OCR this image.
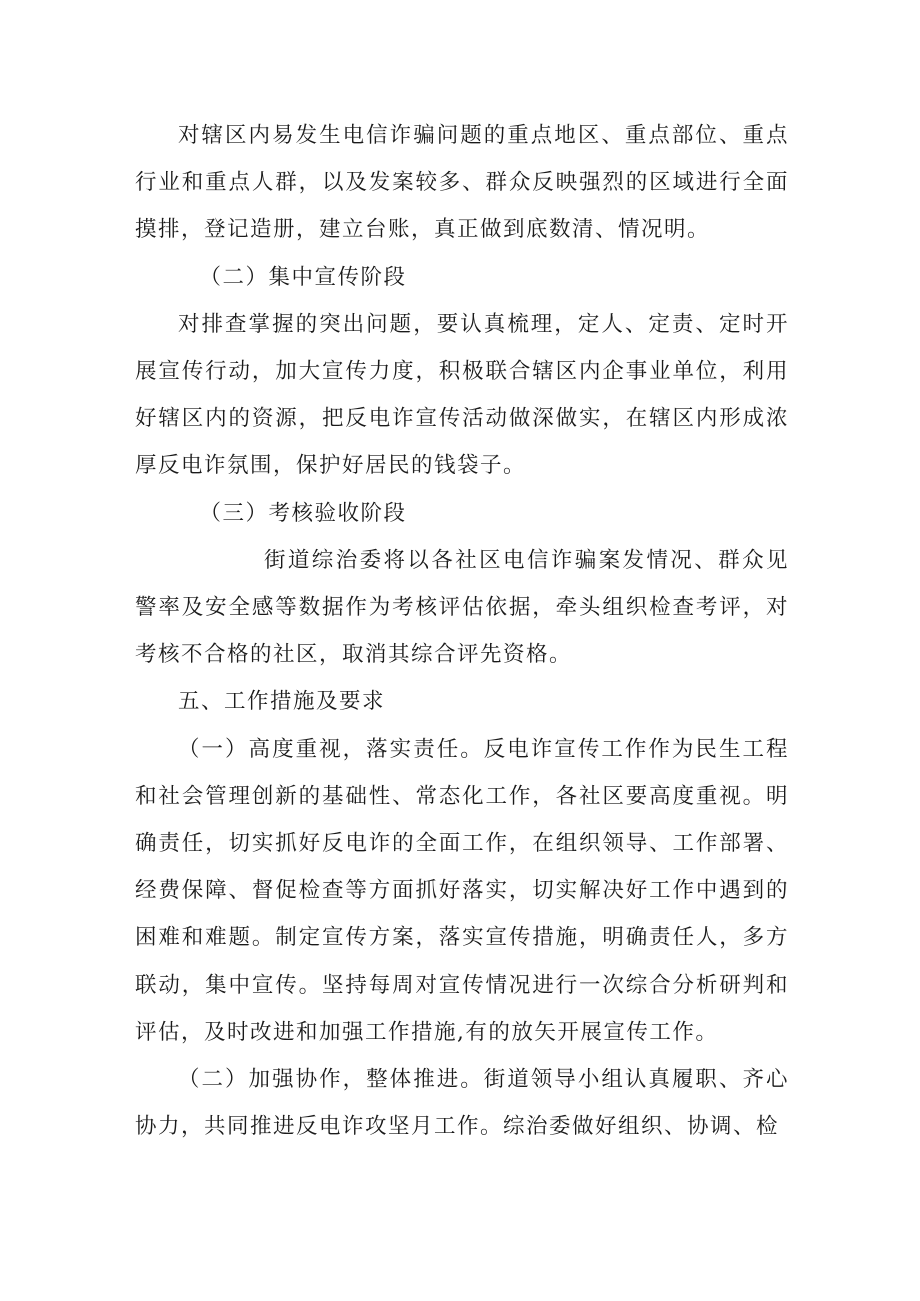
对辖区内易发生电信诈骗问题的重点地区、重点部位、重点行业和重点人群，以及发案较多、群众反映强烈的区域进行全面摸排，登记造册，建立台账，真正做到底数清、情况明。

（二）集中宣传阶段

对排查掌握的突出问题，要认真梳理，定人、定责、定时开展宣传行动，加大宣传力度，积极联合辖区内企事业单位，利用好辖区内的资源，把反电诈宣传活动做深做实，在辖区内形成浓厚反电诈氛围，保护好居民的钱袋子。

（三）考核验收阶段

街道综治委将以各社区电信诈骗案发情况、群众见警率及安全感等数据作为考核评估依据，牵头组织检查考评，对考核不合格的社区，取消其综合评先资格。

五、工作措施及要求

（一）高度重视，落实责任。反电诈宣传工作作为民生工程和社会管理创新的基础性、常态化工作，各社区要高度重视。明确责任，切实抓好反电诈的全面工作，在组织领导、工作部署、经费保障、督促检查等方面抓好落实，切实解决好工作中遇到的困难和难题。制定宣传方案，落实宣传措施，明确责任人，多方联动，集中宣传。坚持每周对宣传情况进行一次综合分析研判和评估，及时改进和加强工作措施,有的放矢开展宣传工作。

（二）加强协作，整体推进。街道领导小组认真履职、齐心协力，共同推进反电诈攻坚月工作。综治委做好组织、协调、检
